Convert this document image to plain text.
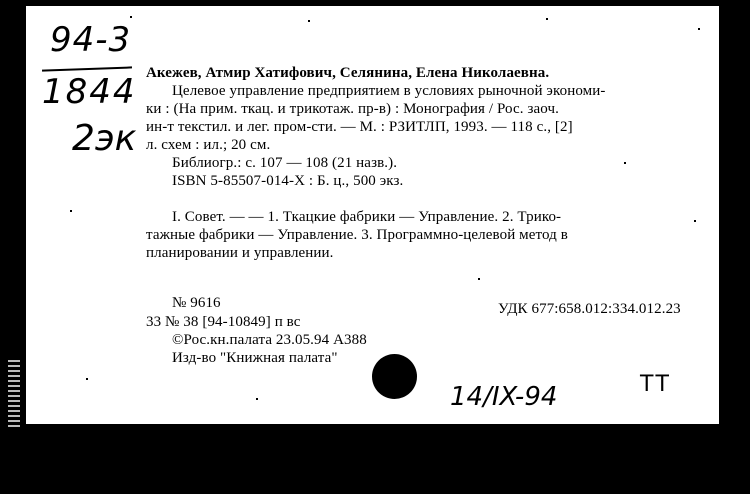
94-3
1844
2эк
Акежев, Атмир Хатифович, Селянина, Елена Николаевна.
Целевое управление предприятием в условиях рыночной экономи-
ки : (На прим. ткац. и трикотаж. пр-в) : Монография / Рос. заоч.
ин-т текстил. и лег. пром-сти. — М. : РЗИТЛП, 1993. — 118 с., [2]
л. схем : ил.; 20 см.
Библиогр.: с. 107 — 108 (21 назв.).
ISBN 5-85507-014-Х : Б. ц., 500 экз.
I. Совет. — — 1. Ткацкие фабрики — Управление. 2. Трико-
тажные фабрики — Управление. 3. Программно-целевой метод в
планировании и управлении.
№ 9616	УДК 677:658.012:334.012.23
33 № 38 [94-10849] п вс
©Рос.кн.палата 23.05.94 А388
Изд-во "Книжная палата"
14/IX-94	ТТ
